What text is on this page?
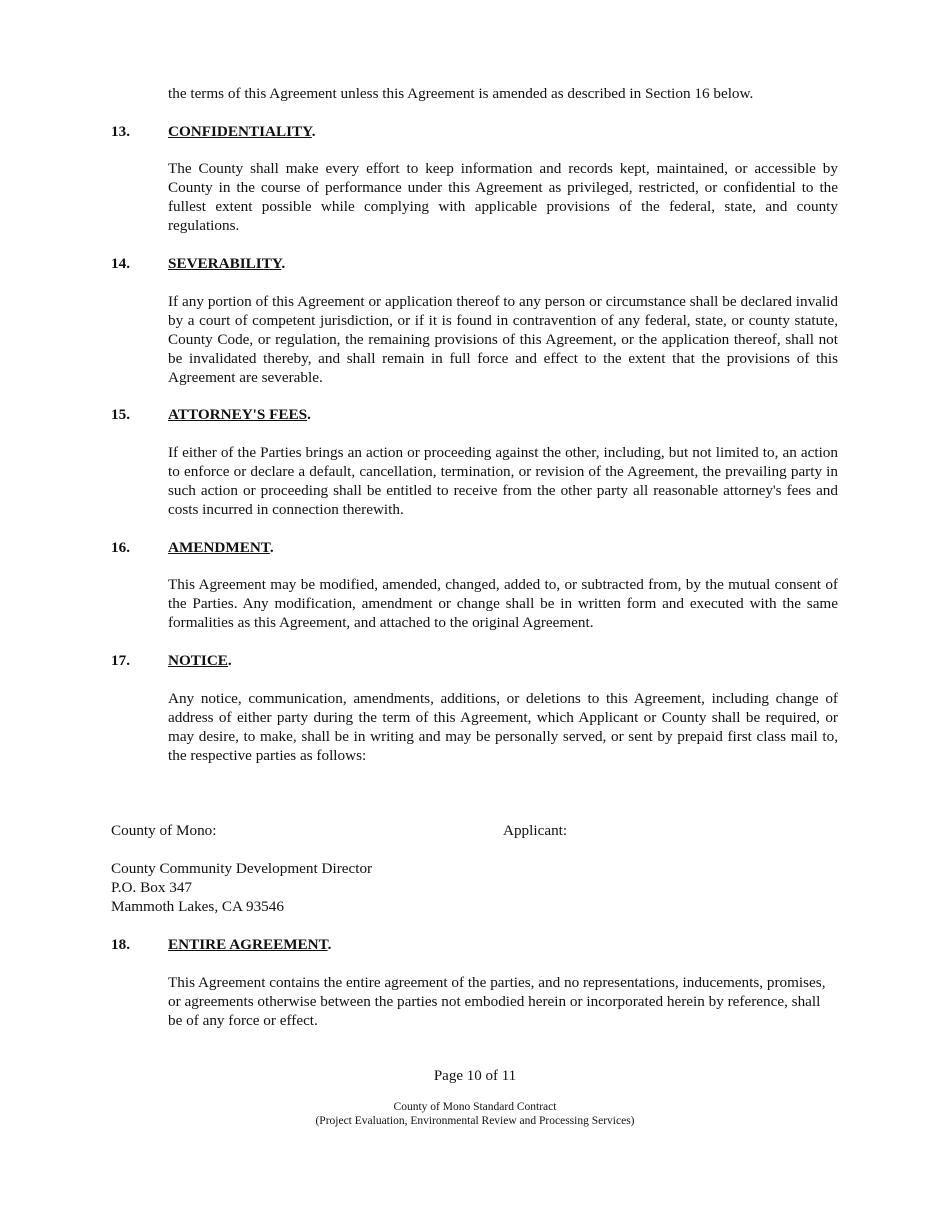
the terms of this Agreement unless this Agreement is amended as described in Section 16 below.

13.	CONFIDENTIALITY.

The County shall make every effort to keep information and records kept, maintained, or accessible by County in the course of performance under this Agreement as privileged, restricted, or confidential to the fullest extent possible while complying with applicable provisions of the federal, state, and county regulations.

14.	SEVERABILITY.

If any portion of this Agreement or application thereof to any person or circumstance shall be declared invalid by a court of competent jurisdiction, or if it is found in contravention of any federal, state, or county statute, County Code, or regulation, the remaining provisions of this Agreement, or the application thereof, shall not be invalidated thereby, and shall remain in full force and effect to the extent that the provisions of this Agreement are severable.

15.	ATTORNEY'S FEES.

If either of the Parties brings an action or proceeding against the other, including, but not limited to, an action to enforce or declare a default, cancellation, termination, or revision of the Agreement, the prevailing party in such action or proceeding shall be entitled to receive from the other party all reasonable attorney's fees and costs incurred in connection therewith.

16.	AMENDMENT.

This Agreement may be modified, amended, changed, added to, or subtracted from, by the mutual consent of the Parties. Any modification, amendment or change shall be in written form and executed with the same formalities as this Agreement, and attached to the original Agreement.

17.	NOTICE.

Any notice, communication, amendments, additions, or deletions to this Agreement, including change of address of either party during the term of this Agreement, which Applicant or County shall be required, or may desire, to make, shall be in writing and may be personally served, or sent by prepaid first class mail to, the respective parties as follows:

County of Mono:	Applicant:

County Community Development Director
P.O. Box 347
Mammoth Lakes, CA 93546
18.	ENTIRE AGREEMENT.

This Agreement contains the entire agreement of the parties, and no representations, inducements, promises, or agreements otherwise between the parties not embodied herein or incorporated herein by reference, shall be of any force or effect.

Page 10 of 11

County of Mono Standard Contract
(Project Evaluation, Environmental Review and Processing Services)
